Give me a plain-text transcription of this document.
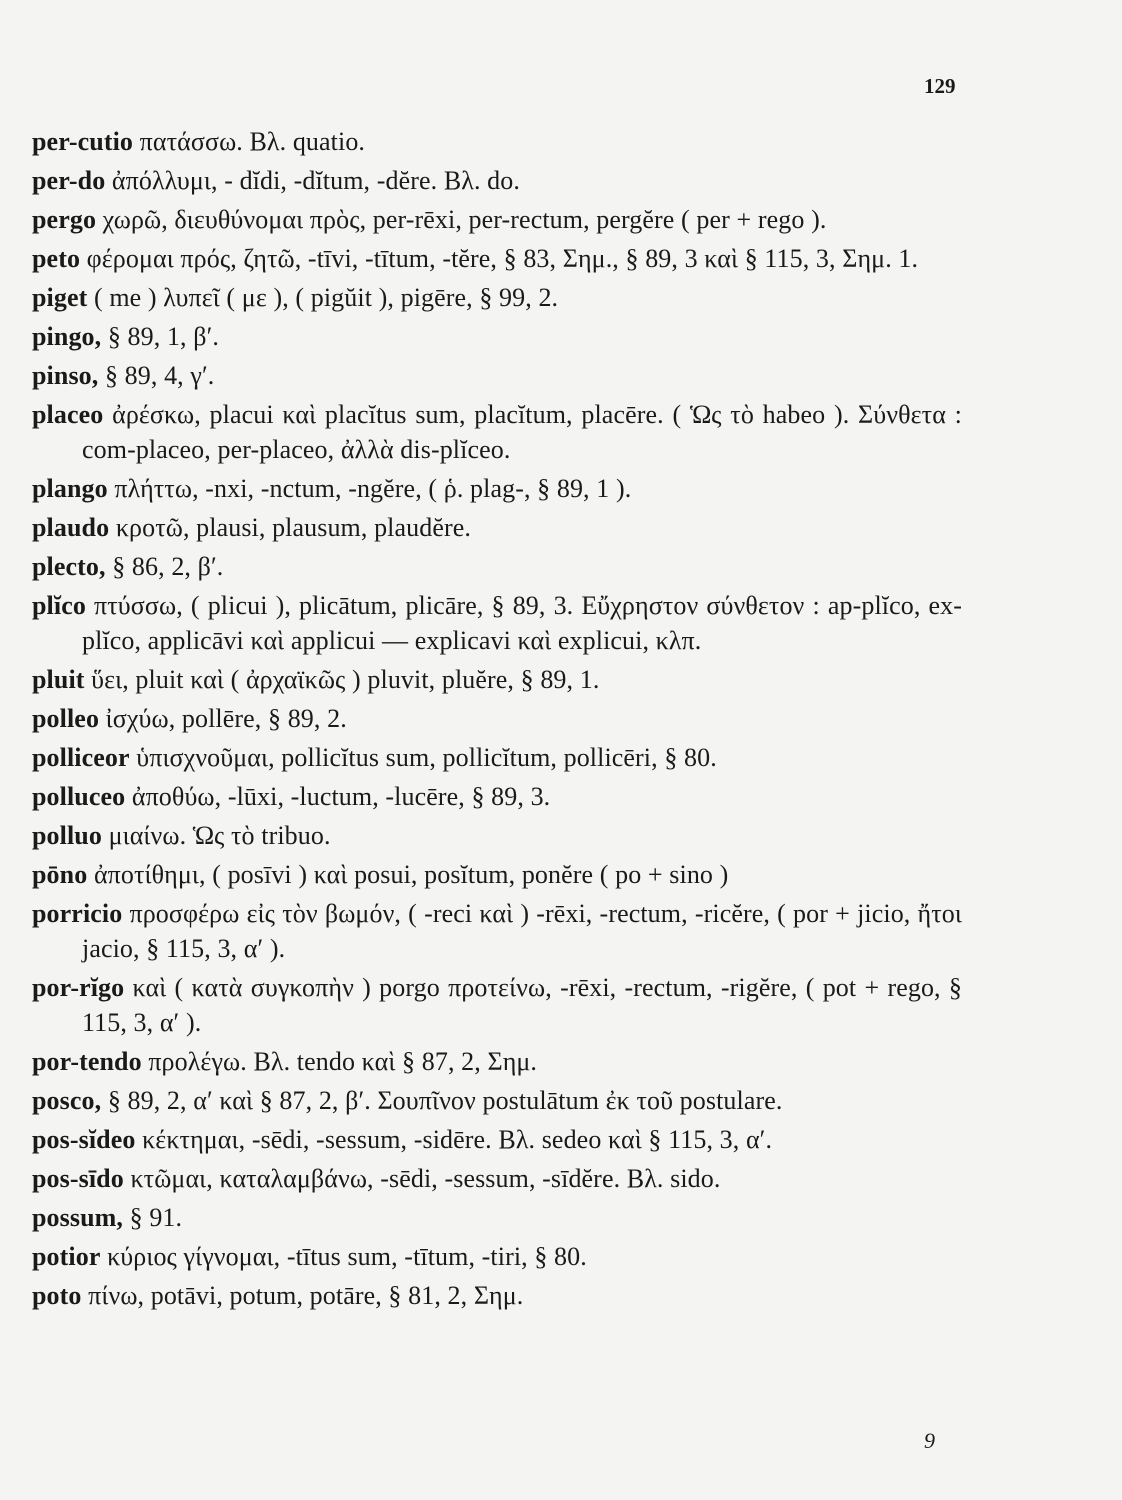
129

per-cutio πατάσσω. Βλ. quatio.

per-do ἀπόλλυμι, - dĭdi, -dĭtum, -dĕre. Βλ. do.

pergo χωρῶ, διευθύνομαι πρὸς, per-rēxi, per-rectum, pergĕre ( per + rego ).

peto φέρομαι πρός, ζητῶ, -tīvi, -tītum, -tĕre, § 83, Σημ., § 89, 3 καὶ § 115, 3, Σημ. 1.

piget ( me ) λυπεῖ ( με ), ( pigŭit ), pigēre, § 99, 2.

pingo, § 89, 1, β′.

pinso, § 89, 4, γ′.

placeo ἀρέσκω, placui καὶ placĭtus sum, placĭtum, placēre. ( Ὡς τὸ habeo ). Σύνθετα : com-placeo, per-placeo, ἀλλὰ dis-plĭceo.

plango πλήττω, -nxi, -nctum, -ngĕre, ( ῥ. plag-, § 89, 1 ).

plaudo κροτῶ, plausi, plausum, plaudĕre.

plecto, § 86, 2, β′.

plĭco πτύσσω, ( plicui ), plicātum, plicāre, § 89, 3. Εὔχρηστον σύνθετον : ap-plĭco, ex-plĭco, applicāvi καὶ applicui — explicavi καὶ explicui, κλπ.

pluit ὕει, pluit καὶ ( ἀρχαϊκῶς ) pluvit, pluĕre, § 89, 1.

polleo ἰσχύω, pollēre, § 89, 2.

polliceor ὑπισχνοῦμαι, pollicĭtus sum, pollicĭtum, pollicēri, § 80.

polluceo ἀποθύω, -lūxi, -luctum, -lucēre, § 89, 3.

polluo μιαίνω. Ὡς τὸ tribuo.

pōno ἀποτίθημι, ( posīvi ) καὶ posui, posĭtum, ponĕre ( po + sino )

porricio προσφέρω εἰς τὸν βωμόν, ( -reci καὶ ) -rēxi, -rectum, -ricĕre, ( por + jicio, ἤτοι jacio, § 115, 3, α′ ).

por-rĭgo καὶ ( κατὰ συγκοπὴν ) porgo προτείνω, -rēxi, -rectum, -rigĕre, ( pot + rego, § 115, 3, α′ ).

por-tendo προλέγω. Βλ. tendo καὶ § 87, 2, Σημ.

posco, § 89, 2, α′ καὶ § 87, 2, β′. Σουπῖνον postulātum ἐκ τοῦ postulare.

pos-sĭdeo κέκτημαι, -sēdi, -sessum, -sidēre. Βλ. sedeo καὶ § 115, 3, α′.

pos-sīdo κτῶμαι, καταλαμβάνω, -sēdi, -sessum, -sīdĕre. Βλ. sido.

possum, § 91.

potior κύριος γίγνομαι, -tītus sum, -tītum, -tiri, § 80.

poto πίνω, potāvi, potum, potāre, § 81, 2, Σημ.

9
